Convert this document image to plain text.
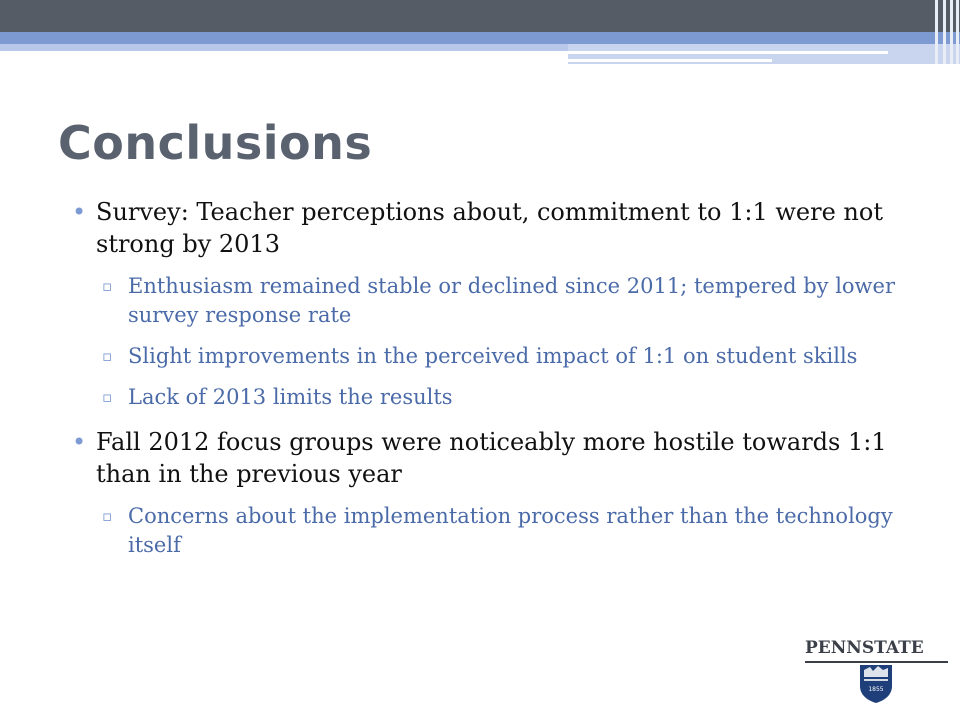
Conclusions
• Survey: Teacher perceptions about, commitment to 1:1 were not strong by 2013
▫ Enthusiasm remained stable or declined since 2011; tempered by lower survey response rate
▫ Slight improvements in the perceived impact of 1:1 on student skills
▫ Lack of 2013 limits the results
• Fall 2012 focus groups were noticeably more hostile towards 1:1 than in the previous year
▫ Concerns about the implementation process rather than the technology itself
PENNSTATE
1855
